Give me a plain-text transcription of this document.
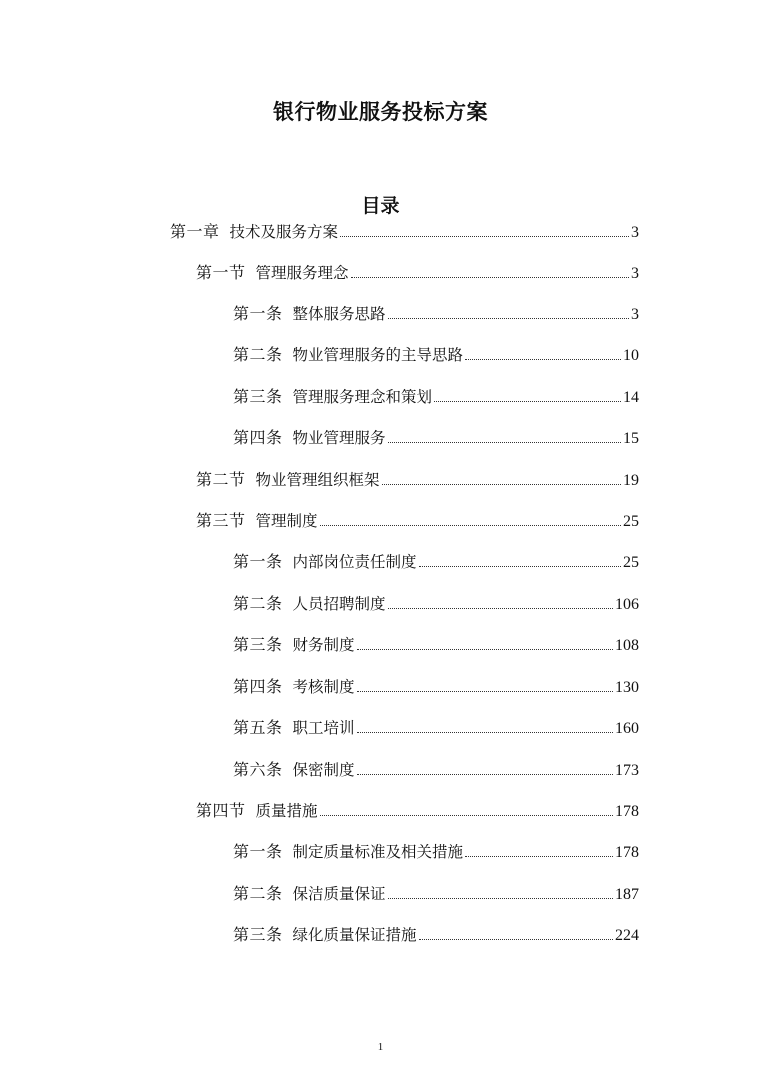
银行物业服务投标方案
目录
第一章 技术及服务方案	3
第一节 管理服务理念	3
第一条 整体服务思路	3
第二条 物业管理服务的主导思路	10
第三条 管理服务理念和策划	14
第四条 物业管理服务	15
第二节 物业管理组织框架	19
第三节 管理制度	25
第一条 内部岗位责任制度	25
第二条 人员招聘制度	106
第三条 财务制度	108
第四条 考核制度	130
第五条 职工培训	160
第六条 保密制度	173
第四节 质量措施	178
第一条 制定质量标准及相关措施	178
第二条 保洁质量保证	187
第三条 绿化质量保证措施	224
1
